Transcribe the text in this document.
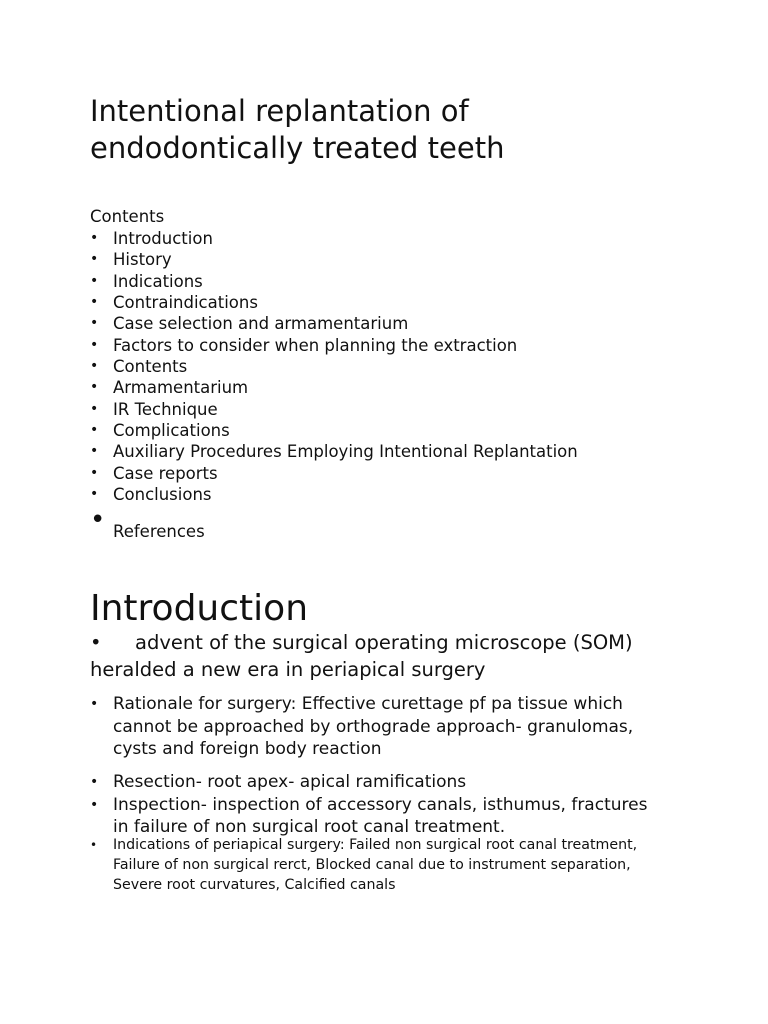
Intentional replantation of
endodontically treated teeth

Contents

• Introduction
• History
• Indications
• Contraindications
• Case selection and armamentarium
• Factors to consider when planning the extraction
• Contents
• Armamentarium
• IR Technique
• Complications
• Auxiliary Procedures Employing Intentional Replantation
• Case reports
• Conclusions
• References
Introduction

• advent of the surgical operating microscope (SOM)
heralded a new era in periapical surgery

• Rationale for surgery: Effective curettage pf pa tissue which
cannot be approached by orthograde approach- granulomas,
cysts and foreign body reaction
• Resection- root apex- apical ramifications
• Inspection- inspection of accessory canals, isthumus, fractures
in failure of non surgical root canal treatment.
• Indications of periapical surgery: Failed non surgical root canal treatment,
Failure of non surgical rerct, Blocked canal due to instrument separation,
Severe root curvatures, Calcified canals
